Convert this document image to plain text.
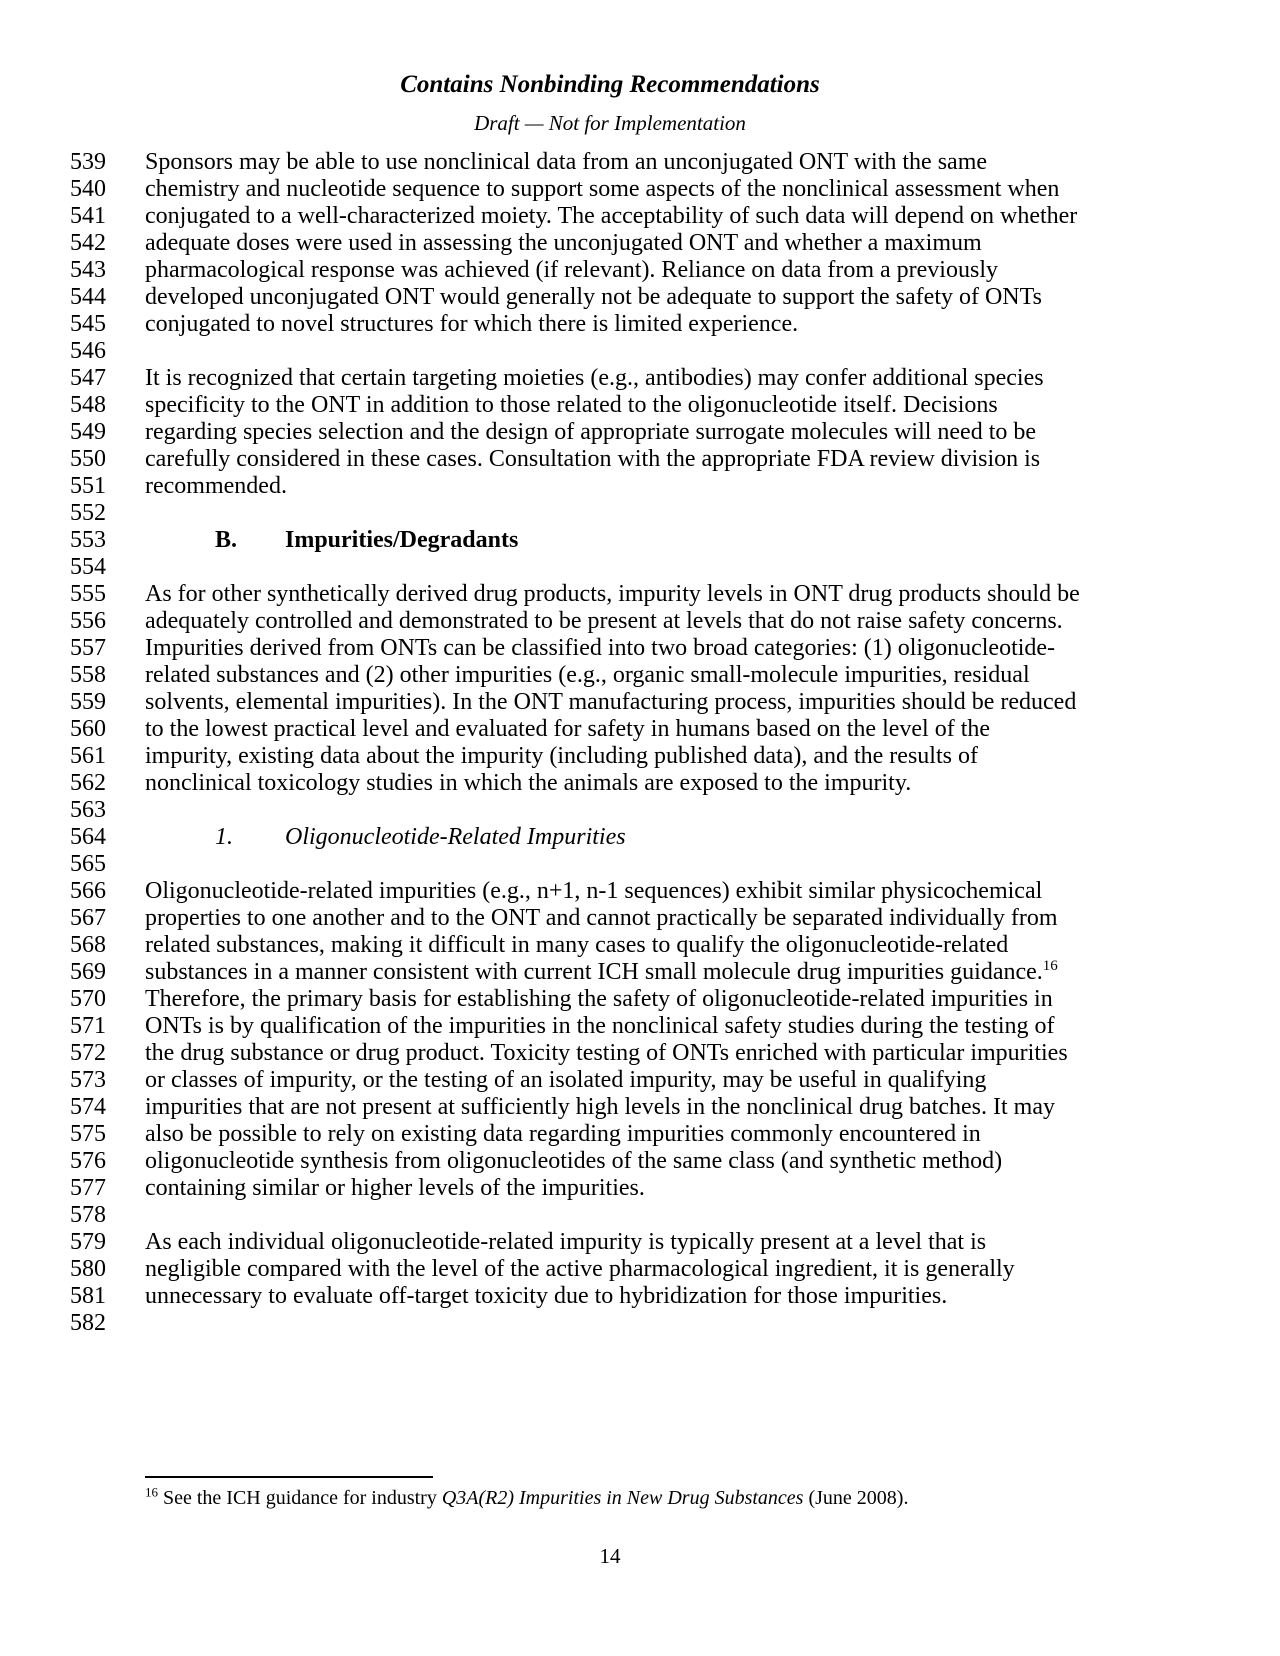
Contains Nonbinding Recommendations
Draft — Not for Implementation
539	Sponsors may be able to use nonclinical data from an unconjugated ONT with the same
540	chemistry and nucleotide sequence to support some aspects of the nonclinical assessment when
541	conjugated to a well-characterized moiety. The acceptability of such data will depend on whether
542	adequate doses were used in assessing the unconjugated ONT and whether a maximum
543	pharmacological response was achieved (if relevant). Reliance on data from a previously
544	developed unconjugated ONT would generally not be adequate to support the safety of ONTs
545	conjugated to novel structures for which there is limited experience.
546
547	It is recognized that certain targeting moieties (e.g., antibodies) may confer additional species
548	specificity to the ONT in addition to those related to the oligonucleotide itself. Decisions
549	regarding species selection and the design of appropriate surrogate molecules will need to be
550	carefully considered in these cases. Consultation with the appropriate FDA review division is
551	recommended.
552
553	B. Impurities/Degradants
554
555	As for other synthetically derived drug products, impurity levels in ONT drug products should be
556	adequately controlled and demonstrated to be present at levels that do not raise safety concerns.
557	Impurities derived from ONTs can be classified into two broad categories: (1) oligonucleotide-
558	related substances and (2) other impurities (e.g., organic small-molecule impurities, residual
559	solvents, elemental impurities). In the ONT manufacturing process, impurities should be reduced
560	to the lowest practical level and evaluated for safety in humans based on the level of the
561	impurity, existing data about the impurity (including published data), and the results of
562	nonclinical toxicology studies in which the animals are exposed to the impurity.
563
564	1. Oligonucleotide-Related Impurities
565
566	Oligonucleotide-related impurities (e.g., n+1, n-1 sequences) exhibit similar physicochemical
567	properties to one another and to the ONT and cannot practically be separated individually from
568	related substances, making it difficult in many cases to qualify the oligonucleotide-related
569	substances in a manner consistent with current ICH small molecule drug impurities guidance.$^{16}$
570	Therefore, the primary basis for establishing the safety of oligonucleotide-related impurities in
571	ONTs is by qualification of the impurities in the nonclinical safety studies during the testing of
572	the drug substance or drug product. Toxicity testing of ONTs enriched with particular impurities
573	or classes of impurity, or the testing of an isolated impurity, may be useful in qualifying
574	impurities that are not present at sufficiently high levels in the nonclinical drug batches. It may
575	also be possible to rely on existing data regarding impurities commonly encountered in
576	oligonucleotide synthesis from oligonucleotides of the same class (and synthetic method)
577	containing similar or higher levels of the impurities.
578
579	As each individual oligonucleotide-related impurity is typically present at a level that is
580	negligible compared with the level of the active pharmacological ingredient, it is generally
581	unnecessary to evaluate off-target toxicity due to hybridization for those impurities.
582

$^{16}$ See the ICH guidance for industry Q3A(R2) Impurities in New Drug Substances (June 2008).

14
